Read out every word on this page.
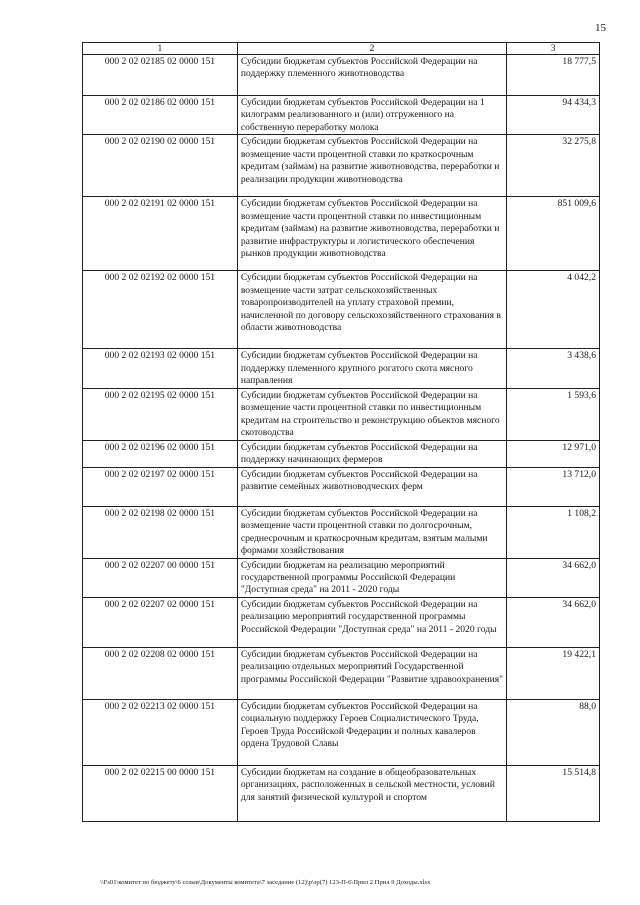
15
1	2	3
000 2 02 02185 02 0000 151	Субсидии бюджетам субъектов Российской Федерации на поддержку племенного животноводства	18 777,5
000 2 02 02186 02 0000 151	Субсидии бюджетам субъектов Российской Федерации на 1 килограмм реализованного и (или) отгруженного на собственную переработку молока	94 434,3
000 2 02 02190 02 0000 151	Субсидии бюджетам субъектов Российской Федерации на возмещение части процентной ставки по краткосрочным кредитам (займам) на развитие животноводства, переработки и реализации продукции животноводства	32 275,8
000 2 02 02191 02 0000 151	Субсидии бюджетам субъектов Российской Федерации на возмещение части процентной ставки по инвестиционным кредитам (займам) на развитие животноводства, переработки и развитие инфраструктуры и логистического обеспечения рынков продукции животноводства	851 009,6
000 2 02 02192 02 0000 151	Субсидии бюджетам субъектов Российской Федерации на возмещение части затрат сельскохозяйственных товаропроизводителей на уплату страховой премии, начисленной по договору сельскохозяйственного страхования в области животноводства	4 042,2
000 2 02 02193 02 0000 151	Субсидии бюджетам субъектов Российской Федерации на поддержку племенного крупного рогатого скота мясного направления	3 438,6
000 2 02 02195 02 0000 151	Субсидии бюджетам субъектов Российской Федерации на возмещение части процентной ставки по инвестиционным кредитам на строительство и реконструкцию объектов мясного скотоводства	1 593,6
000 2 02 02196 02 0000 151	Субсидии бюджетам субъектов Российской Федерации на поддержку начинающих фермеров	12 971,0
000 2 02 02197 02 0000 151	Субсидии бюджетам субъектов Российской Федерации на развитие семейных животноводческих ферм	13 712,0
000 2 02 02198 02 0000 151	Субсидии бюджетам субъектов Российской Федерации на возмещение части процентной ставки по долгосрочным, среднесрочным и краткосрочным кредитам, взятым малыми формами хозяйствования	1 108,2
000 2 02 02207 00 0000 151	Субсидии бюджетам на реализацию мероприятий государственной программы Российской Федерации "Доступная среда" на 2011 - 2020 годы	34 662,0
000 2 02 02207 02 0000 151	Субсидии бюджетам субъектов Российской Федерации на реализацию мероприятий государственной программы Российской Федерации "Доступная среда" на 2011 - 2020 годы	34 662,0
000 2 02 02208 02 0000 151	Субсидии бюджетам субъектов Российской Федерации на реализацию отдельных мероприятий Государственной программы Российской Федерации "Развитие здравоохранения"	19 422,1
000 2 02 02213 02 0000 151	Субсидии бюджетам субъектов Российской Федерации на социальную поддержку Героев Социалистического Труда, Героев Труда Российской Федерации и полных кавалеров ордена Трудовой Славы	88,0
000 2 02 02215 00 0000 151	Субсидии бюджетам на создание в общеобразовательных организациях, расположенных в сельской местности, условий для занятий физической культурой и спортом	15 514,8
\\Fs01\комитет по бюджету\6 созыв\Документы комитета\7 заседание (12)\р\зр(7) 123-П-6\Прил 2 Прил 9 Доходы.xlsx
